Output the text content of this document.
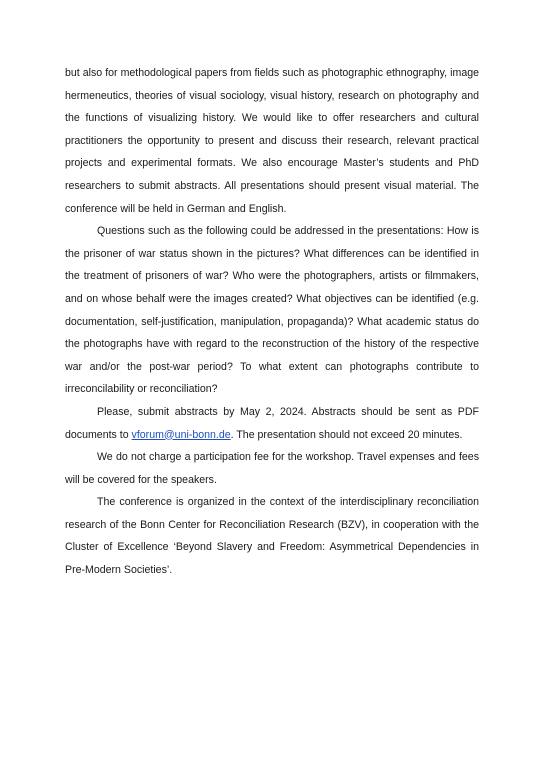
but also for methodological papers from fields such as photographic ethnography, image hermeneutics, theories of visual sociology, visual history, research on photography and the functions of visualizing history. We would like to offer researchers and cultural practitioners the opportunity to present and discuss their research, relevant practical projects and experimental formats. We also encourage Master’s students and PhD researchers to submit abstracts. All presentations should present visual material. The conference will be held in German and English.

Questions such as the following could be addressed in the presentations: How is the prisoner of war status shown in the pictures? What differences can be identified in the treatment of prisoners of war? Who were the photographers, artists or filmmakers, and on whose behalf were the images created? What objectives can be identified (e.g. documentation, self-justification, manipulation, propaganda)? What academic status do the photographs have with regard to the reconstruction of the history of the respective war and/or the post-war period? To what extent can photographs contribute to irreconcilability or reconciliation?

Please, submit abstracts by May 2, 2024. Abstracts should be sent as PDF documents to vforum@uni-bonn.de. The presentation should not exceed 20 minutes.

We do not charge a participation fee for the workshop. Travel expenses and fees will be covered for the speakers.

The conference is organized in the context of the interdisciplinary reconciliation research of the Bonn Center for Reconciliation Research (BZV), in cooperation with the Cluster of Excellence ‘Beyond Slavery and Freedom: Asymmetrical Dependencies in Pre-Modern Societies’.
